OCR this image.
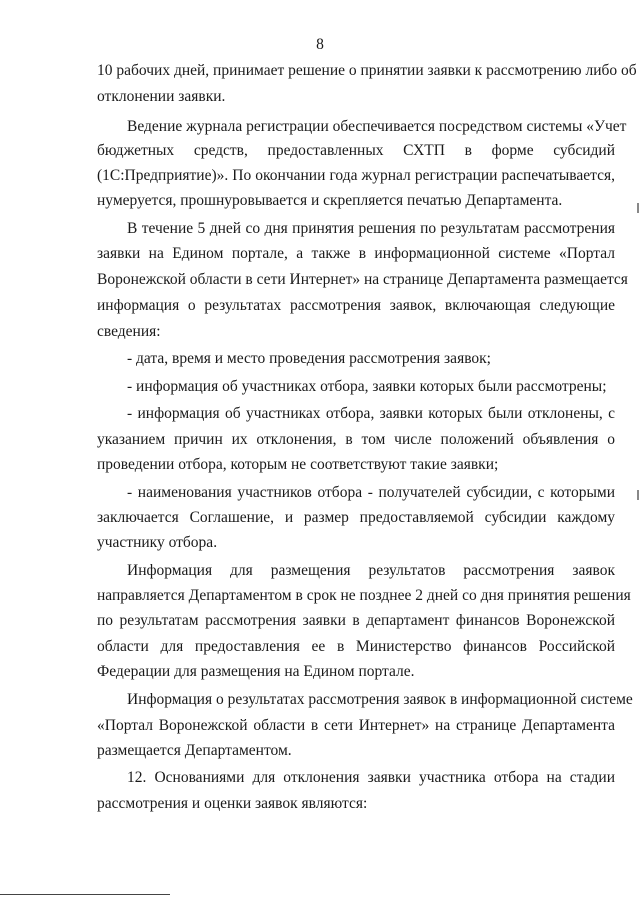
8
10 рабочих дней, принимает решение о принятии заявки к рассмотрению либо об
отклонении заявки.
Ведение журнала регистрации обеспечивается посредством системы «Учет
бюджетных средств, предоставленных СХТП в форме субсидий
(1С:Предприятие)». По окончании года журнал регистрации распечатывается,
нумеруется, прошнуровывается и скрепляется печатью Департамента.
В течение 5 дней со дня принятия решения по результатам рассмотрения
заявки на Едином портале, а также в информационной системе «Портал
Воронежской области в сети Интернет» на странице Департамента размещается
информация о результатах рассмотрения заявок, включающая следующие
сведения:
- дата, время и место проведения рассмотрения заявок;
- информация об участниках отбора, заявки которых были рассмотрены;
- информация об участниках отбора, заявки которых были отклонены, с
указанием причин их отклонения, в том числе положений объявления о
проведении отбора, которым не соответствуют такие заявки;
- наименования участников отбора - получателей субсидии, с которыми
заключается Соглашение, и размер предоставляемой субсидии каждому
участнику отбора.
Информация для размещения результатов рассмотрения заявок
направляется Департаментом в срок не позднее 2 дней со дня принятия решения
по результатам рассмотрения заявки в департамент финансов Воронежской
области для предоставления ее в Министерство финансов Российской
Федерации для размещения на Едином портале.
Информация о результатах рассмотрения заявок в информационной системе
«Портал Воронежской области в сети Интернет» на странице Департамента
размещается Департаментом.
12. Основаниями для отклонения заявки участника отбора на стадии
рассмотрения и оценки заявок являются:
